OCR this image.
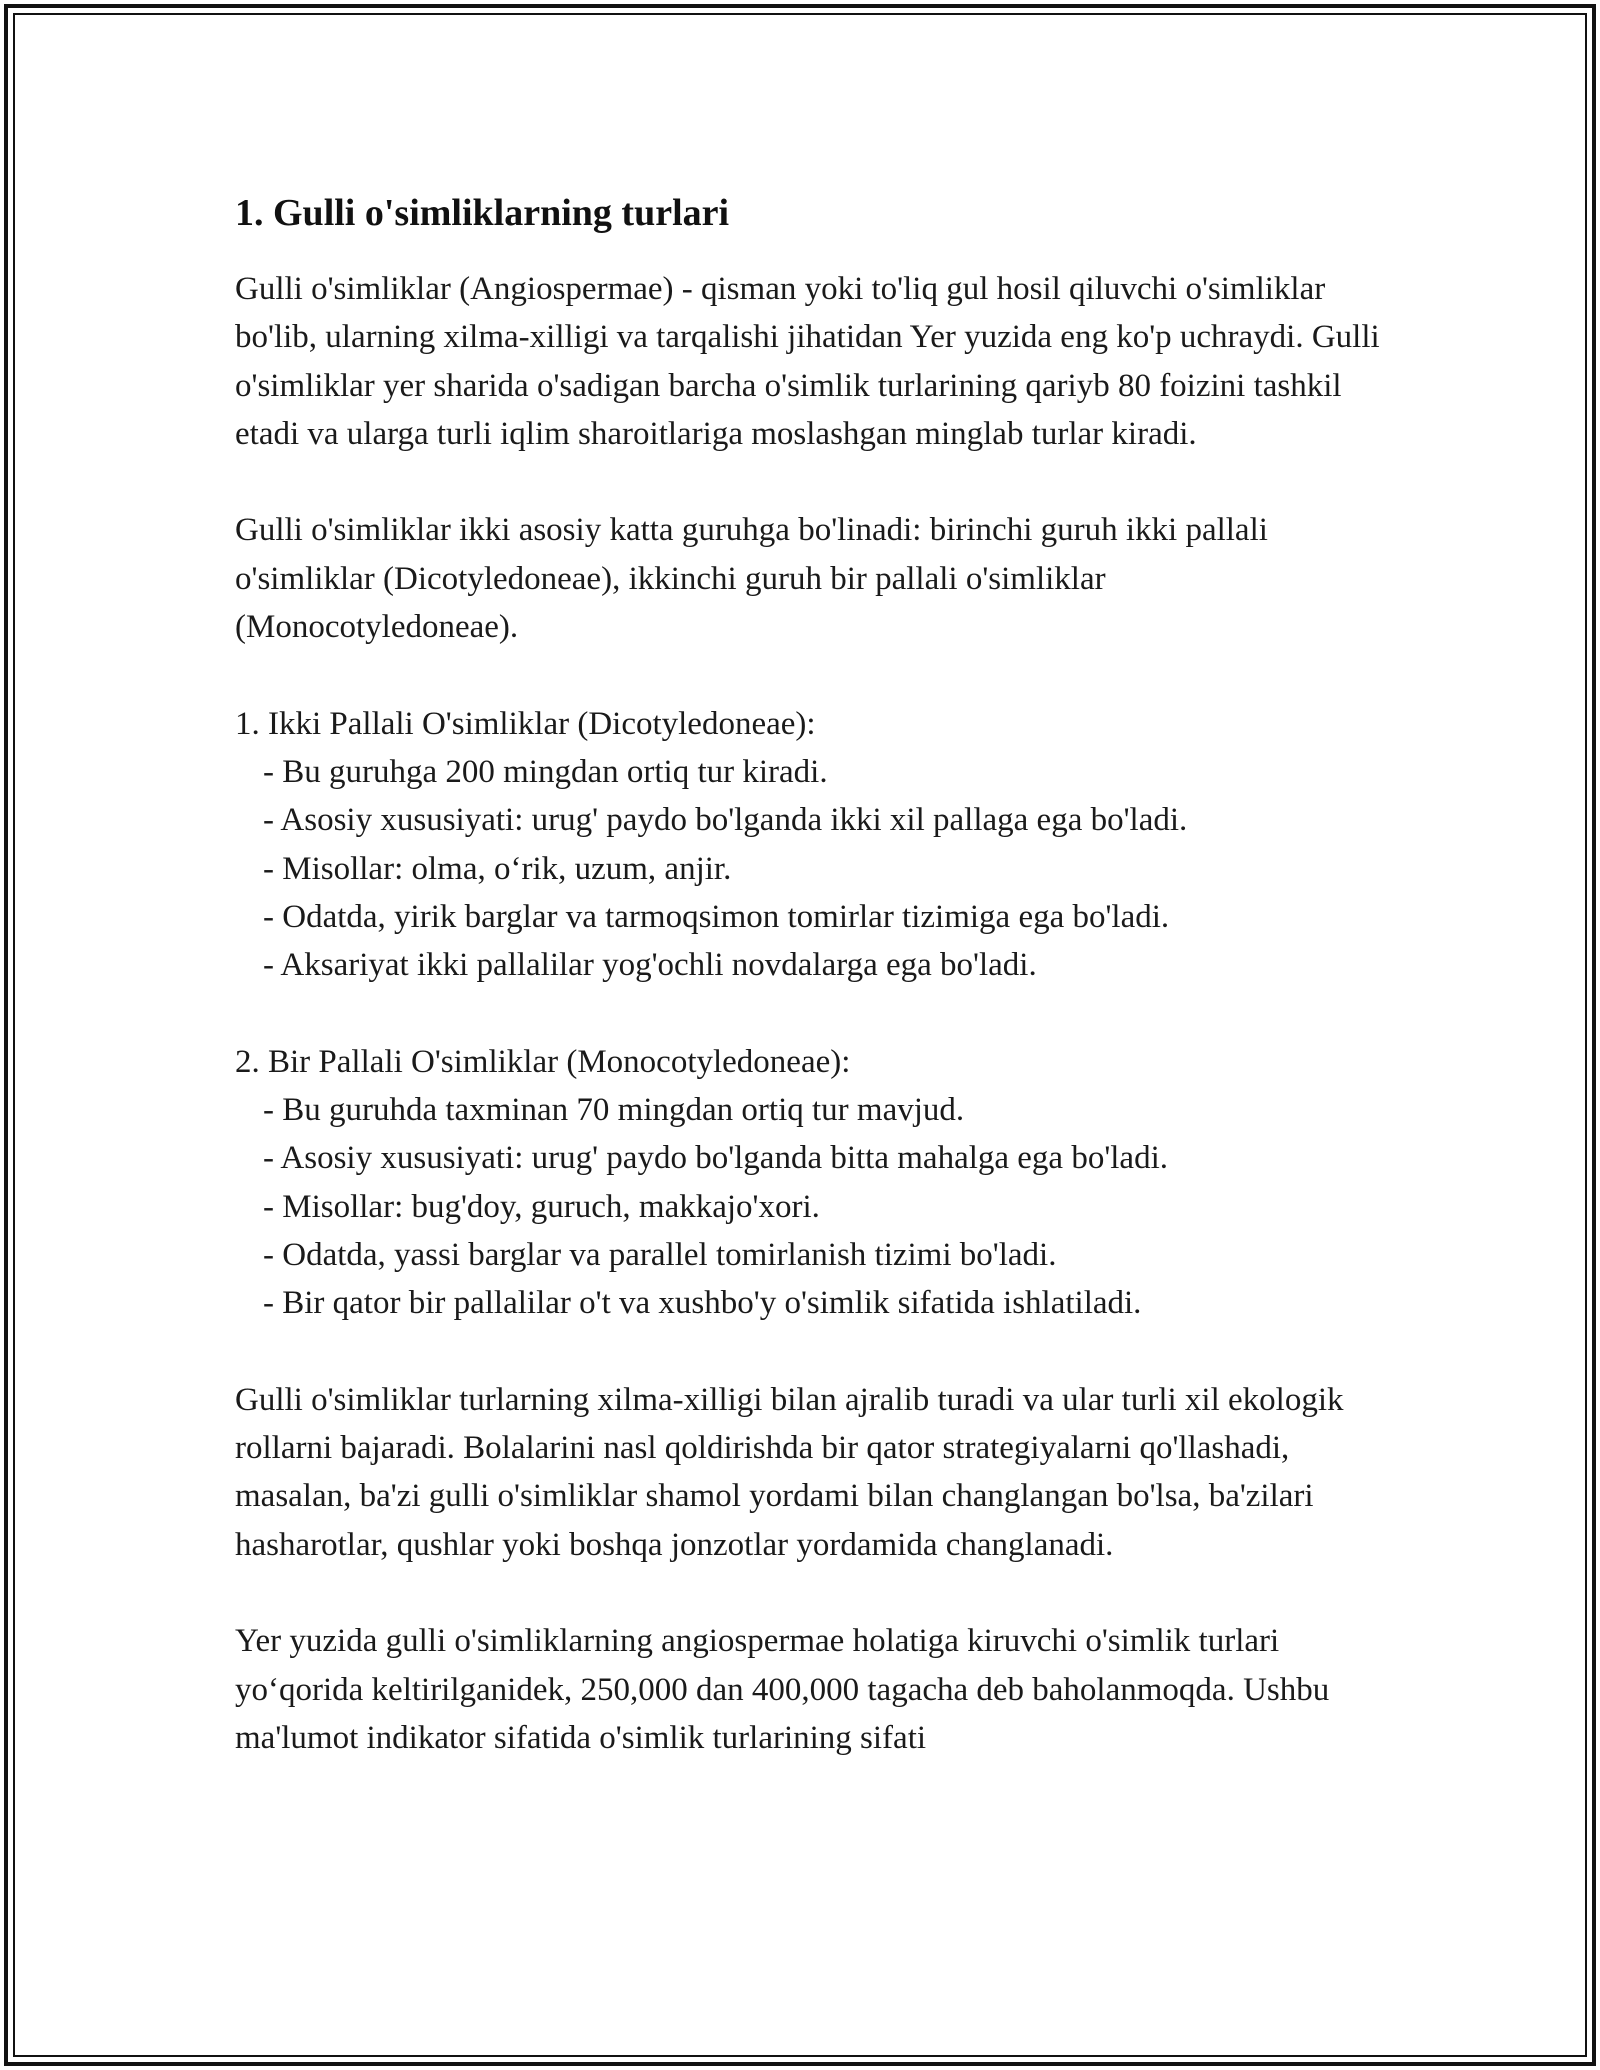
1. Gulli o'simliklarning turlari

Gulli o'simliklar (Angiospermae) - qisman yoki to'liq gul hosil qiluvchi o'simliklar bo'lib, ularning xilma-xilligi va tarqalishi jihatidan Yer yuzida eng ko'p uchraydi. Gulli o'simliklar yer sharida o'sadigan barcha o'simlik turlarining qariyb 80 foizini tashkil etadi va ularga turli iqlim sharoitlariga moslashgan minglab turlar kiradi.

Gulli o'simliklar ikki asosiy katta guruhga bo'linadi: birinchi guruh ikki pallali o'simliklar (Dicotyledoneae), ikkinchi guruh bir pallali o'simliklar (Monocotyledoneae).

1. Ikki Pallali O'simliklar (Dicotyledoneae):
- Bu guruhga 200 mingdan ortiq tur kiradi.
- Asosiy xususiyati: urug' paydo bo'lganda ikki xil pallaga ega bo'ladi.
- Misollar: olma, o‘rik, uzum, anjir.
- Odatda, yirik barglar va tarmoqsimon tomirlar tizimiga ega bo'ladi.
- Aksariyat ikki pallalilar yog'ochli novdalarga ega bo'ladi.
2. Bir Pallali O'simliklar (Monocotyledoneae):
- Bu guruhda taxminan 70 mingdan ortiq tur mavjud.
- Asosiy xususiyati: urug' paydo bo'lganda bitta mahalga ega bo'ladi.
- Misollar: bug'doy, guruch, makkajo'xori.
- Odatda, yassi barglar va parallel tomirlanish tizimi bo'ladi.
- Bir qator bir pallalilar o't va xushbo'y o'simlik sifatida ishlatiladi.

Gulli o'simliklar turlarning xilma-xilligi bilan ajralib turadi va ular turli xil ekologik rollarni bajaradi. Bolalarini nasl qoldirishda bir qator strategiyalarni qo'llashadi, masalan, ba'zi gulli o'simliklar shamol yordami bilan changlangan bo'lsa, ba'zilari hasharotlar, qushlar yoki boshqa jonzotlar yordamida changlanadi.

Yer yuzida gulli o'simliklarning angiospermae holatiga kiruvchi o'simlik turlari yo‘qorida keltirilganidek, 250,000 dan 400,000 tagacha deb baholanmoqda. Ushbu ma'lumot indikator sifatida o'simlik turlarining sifati
